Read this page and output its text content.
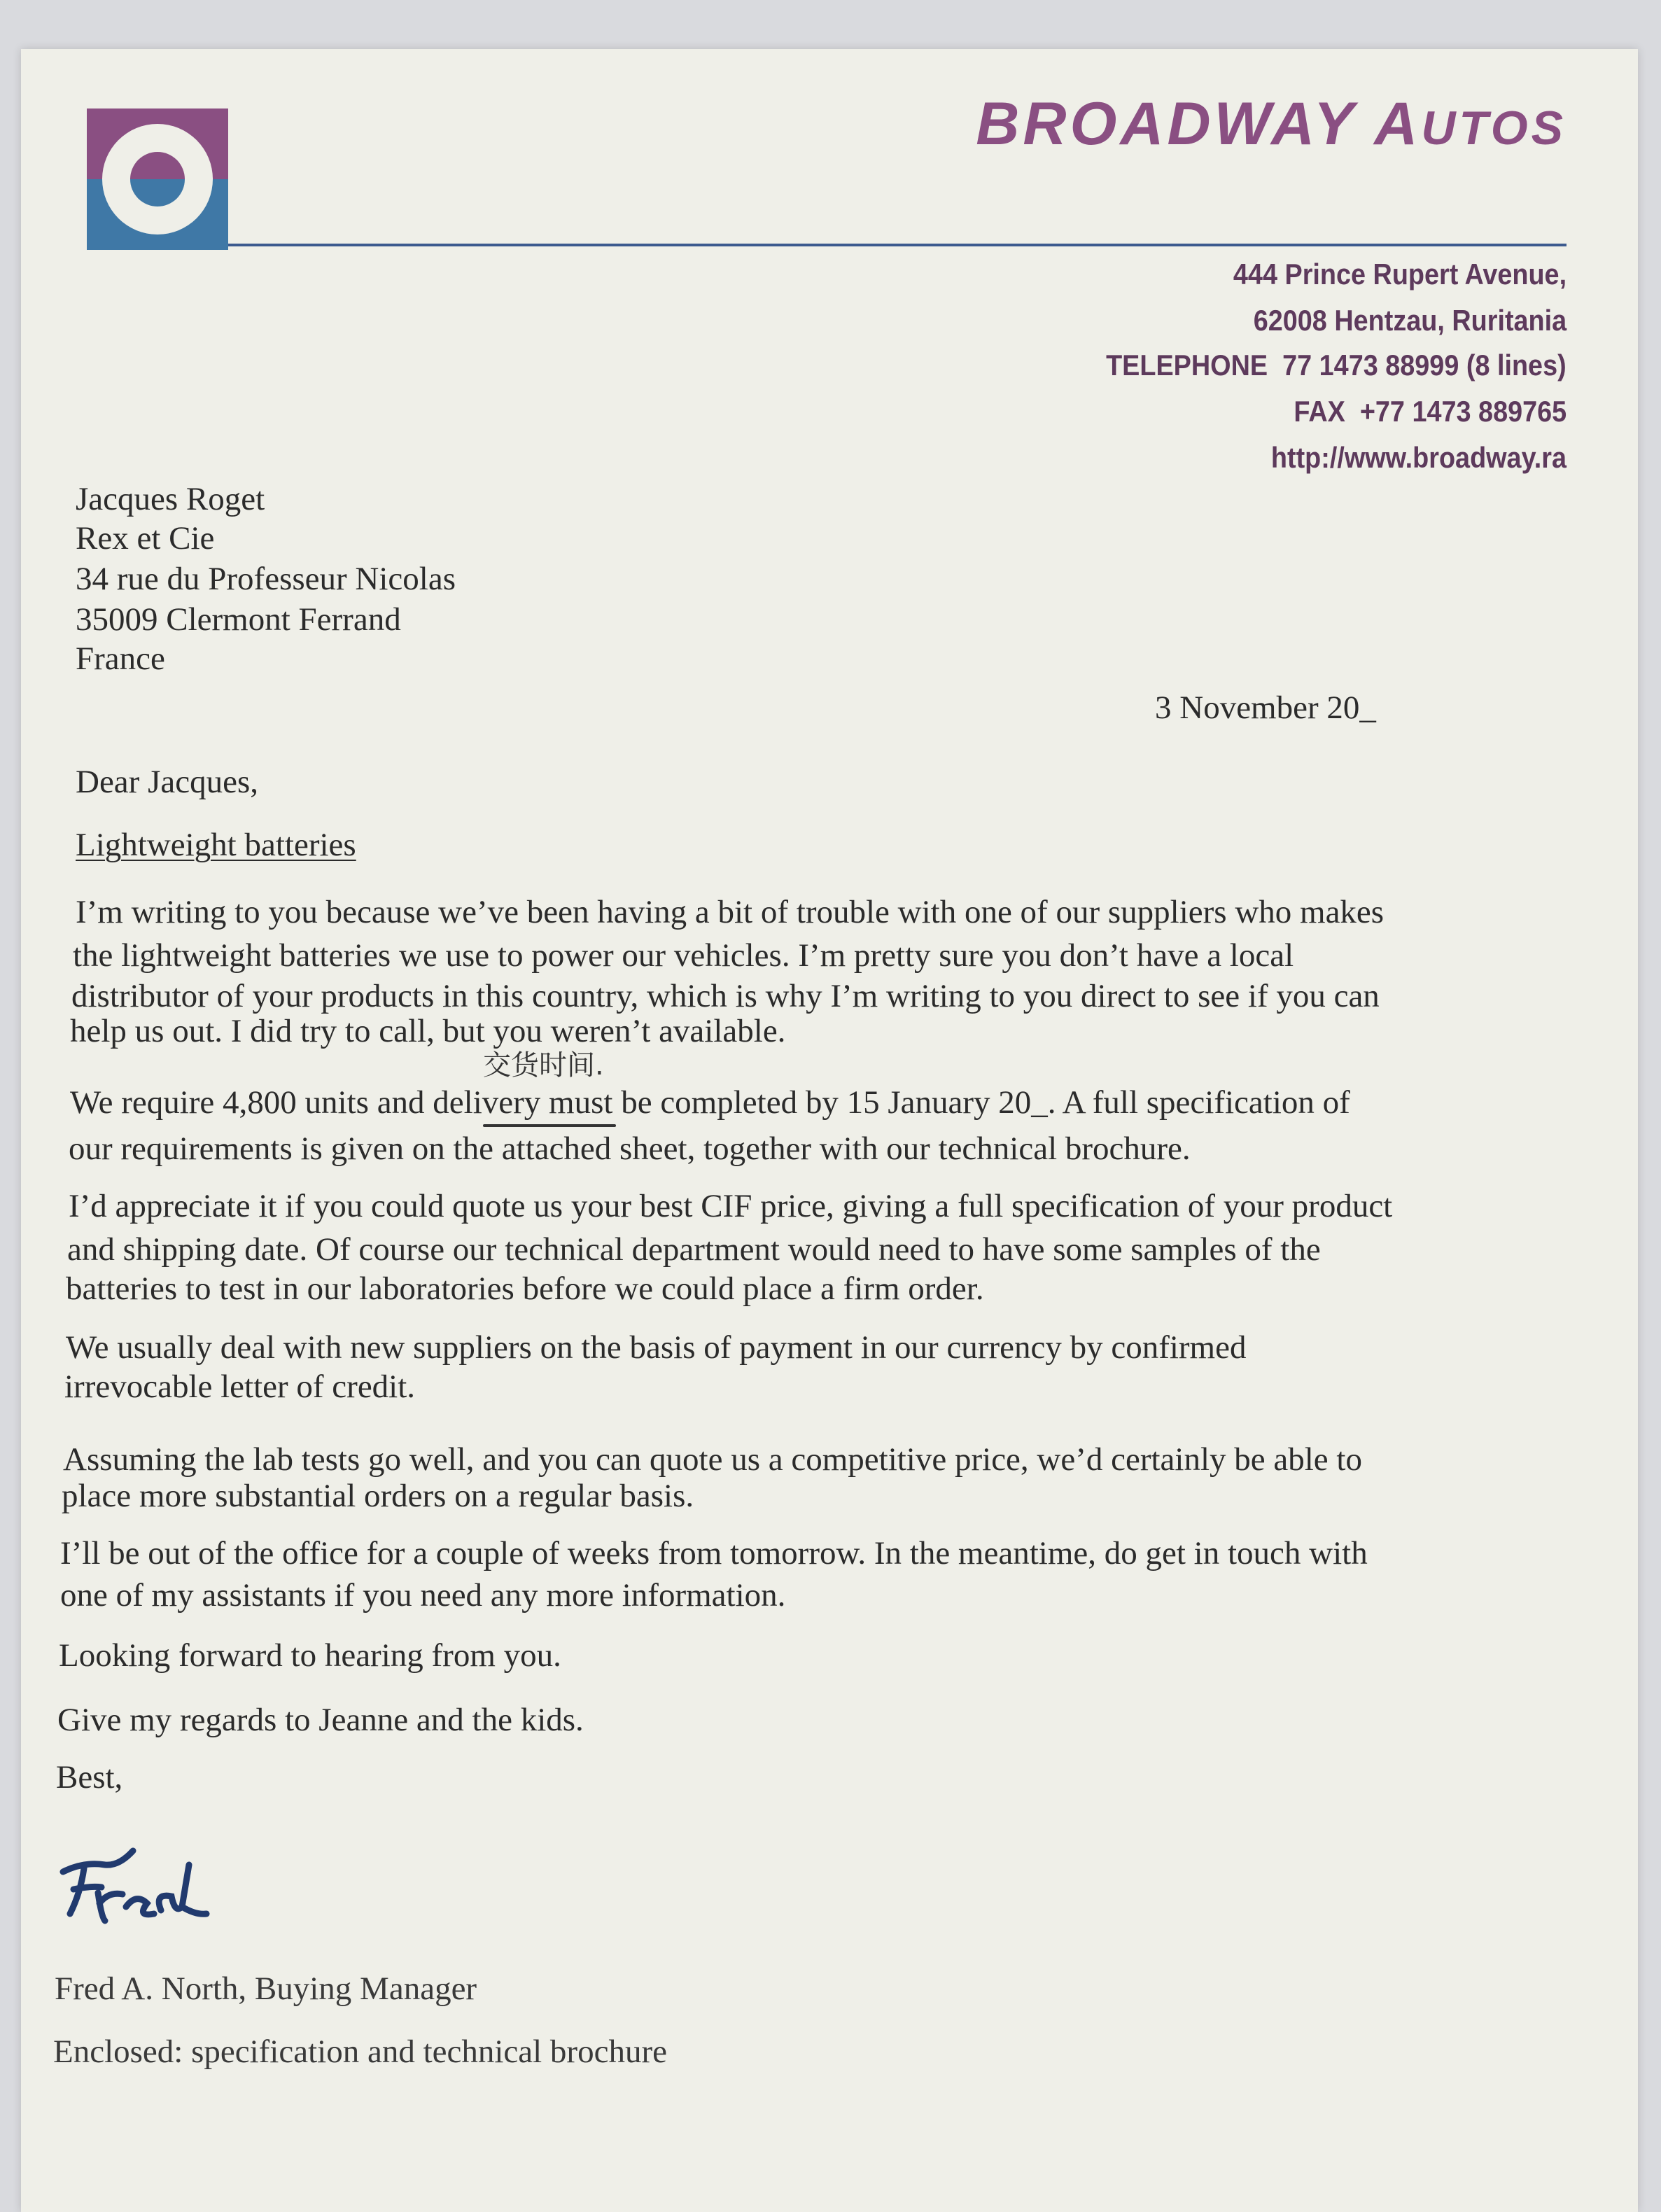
BROADWAY AUTOS
444 Prince Rupert Avenue,
62008 Hentzau, Ruritania
TELEPHONE  77 1473 88999 (8 lines)
FAX  +77 1473 889765
http://www.broadway.ra
Jacques Roget
Rex et Cie
34 rue du Professeur Nicolas
35009 Clermont Ferrand
France
3 November 20_
Dear Jacques,
Lightweight batteries
I’m writing to you because we’ve been having a bit of trouble with one of our suppliers who makes
the lightweight batteries we use to power our vehicles. I’m pretty sure you don’t have a local
distributor of your products in this country, which is why I’m writing to you direct to see if you can
help us out. I did try to call, but you weren’t available.
交货时间.
We require 4,800 units and delivery must be completed by 15 January 20_. A full specification of
our requirements is given on the attached sheet, together with our technical brochure.
I’d appreciate it if you could quote us your best CIF price, giving a full specification of your product
and shipping date. Of course our technical department would need to have some samples of the
batteries to test in our laboratories before we could place a firm order.
We usually deal with new suppliers on the basis of payment in our currency by confirmed
irrevocable letter of credit.
Assuming the lab tests go well, and you can quote us a competitive price, we’d certainly be able to
place more substantial orders on a regular basis.
I’ll be out of the office for a couple of weeks from tomorrow. In the meantime, do get in touch with
one of my assistants if you need any more information.
Looking forward to hearing from you.
Give my regards to Jeanne and the kids.
Best,
Fred A. North, Buying Manager
Enclosed: specification and technical brochure
